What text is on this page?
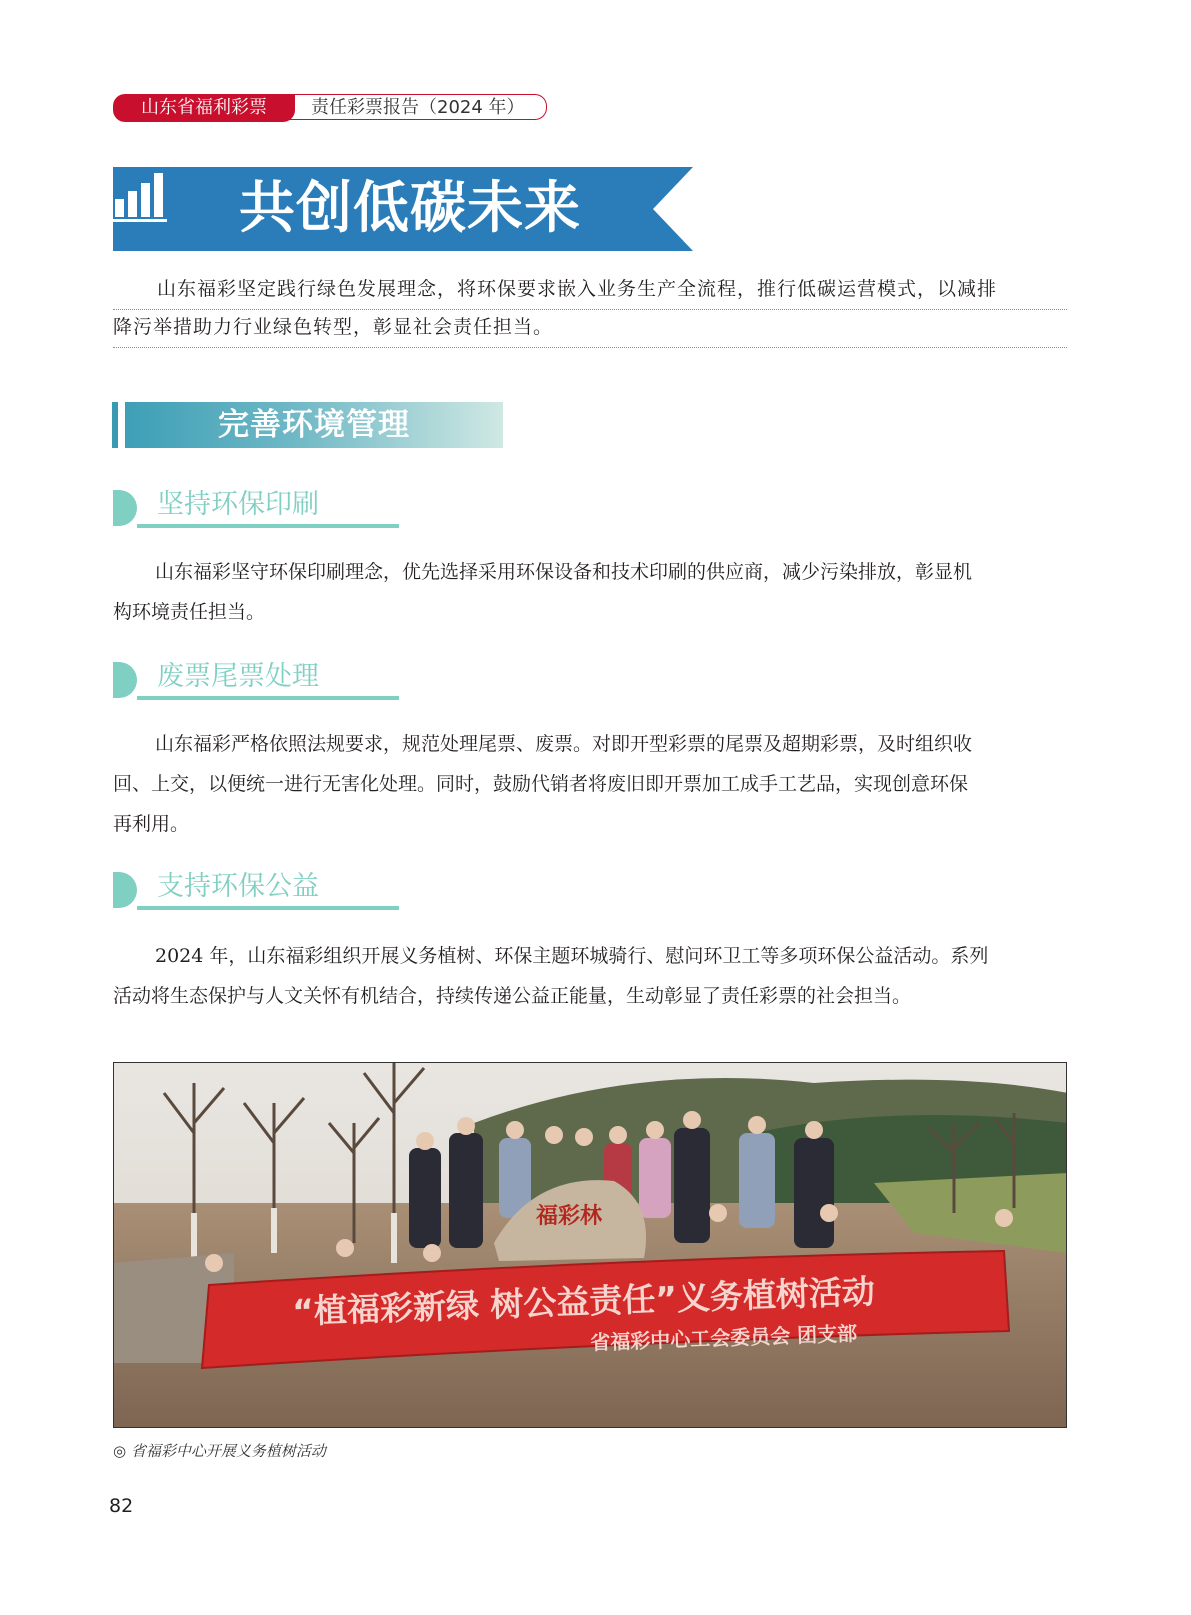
责任彩票报告（2024 年）
山东省福利彩票
共创低碳未来
山东福彩坚定践行绿色发展理念，将环保要求嵌入业务生产全流程，推行低碳运营模式，以减排
降污举措助力行业绿色转型，彰显社会责任担当。
完善环境管理
坚持环保印刷
山东福彩坚守环保印刷理念，优先选择采用环保设备和技术印刷的供应商，减少污染排放，彰显机
构环境责任担当。
废票尾票处理
山东福彩严格依照法规要求，规范处理尾票、废票。对即开型彩票的尾票及超期彩票，及时组织收
回、上交，以便统一进行无害化处理。同时，鼓励代销者将废旧即开票加工成手工艺品，实现创意环保
再利用。
支持环保公益
2024 年，山东福彩组织开展义务植树、环保主题环城骑行、慰问环卫工等多项环保公益活动。系列
活动将生态保护与人文关怀有机结合，持续传递公益正能量，生动彰显了责任彩票的社会担当。
福彩林
“植福彩新绿 树公益责任”义务植树活动
省福彩中心工会委员会 团支部
◎ 省福彩中心开展义务植树活动
82
